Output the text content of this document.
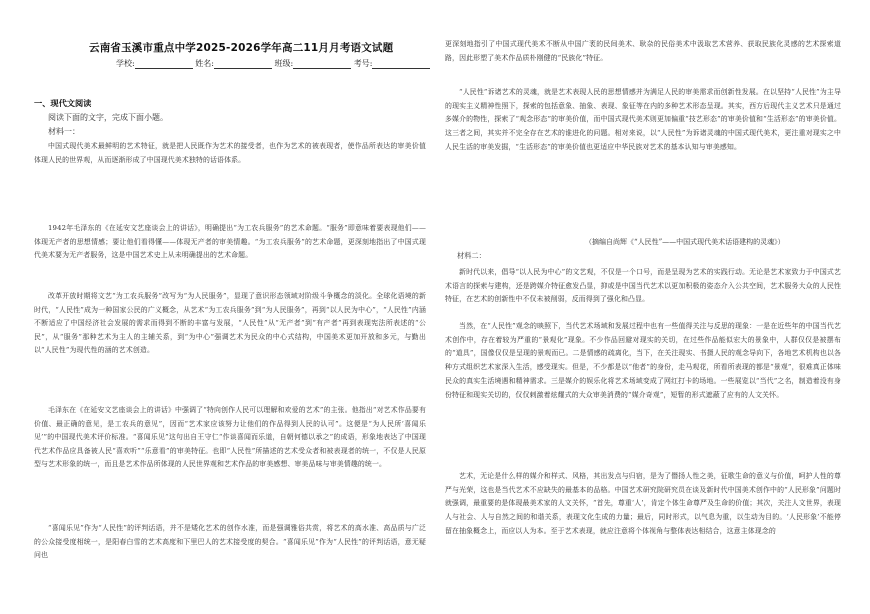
云南省玉溪市重点中学2025-2026学年高二11月月考语文试题
学校:	姓名:	班级:	考号:
一、现代文阅读
阅读下面的文字，完成下面小题。
材料一：
中国式现代美术最鲜明的艺术特征，就是把人民既作为艺术的接受者，也作为艺术的被表现者，使作品所表达的审美价值体现人民的世界观，从而逐渐形成了中国现代美术独特的话语体系。
1942年毛泽东的《在延安文艺座谈会上的讲话》，明确提出“为工农兵服务”的艺术命题。“服务”即意味着要表现他们——体现无产者的思想情感；要让他们看得懂——体现无产者的审美情趣。“为工农兵服务”的艺术命题，更深刻地指出了中国式现代美术要为无产者服务，这是中国艺术史上从未明确提出的艺术命题。
改革开放时期将文艺“为工农兵服务”改写为“为人民服务”，显现了意识形态领域对阶级斗争概念的淡化。全球化语境的新时代，“人民性”成为一种国家公民的广义概念，从艺术“为工农兵服务”到“为人民服务”，再到“以人民为中心”，“人民性”内涵不断适应了中国经济社会发展的需求而得到不断的丰富与发展，“人民性”从“无产者”到“有产者”再到表现宪法所表述的“公民”，从“服务”那种艺术为主人的主辅关系，到“为中心”强调艺术为民众的中心式结构，中国美术更加开放和多元，与勤出以“人民性”为现代性的涵的艺术创造。
毛泽东在《在延安文艺座谈会上的讲话》中强调了“特向创作人民可以理解和欢爱的艺术”的主张。他指出“对艺术作品要有价值、最正确的意见，是工农兵的意见”，因而“艺术家应该努力让他们的作品得到人民的认可”。这便是“为人民所‘喜闻乐见’”的中国现代美术评价标准。“喜闻乐见”这句出自王守仁“作谈喜闻而乐道，自朝何德以承之”的成语，形象地表达了中国现代艺术作品应具备被人民“喜欢听”“乐意看”的审美特征。也即“人民性”所描述的艺术受众者和被表现者的统一，不仅是人民原型与艺术形象的统一，而且是艺术作品所体现的人民世界观和艺术作品的审美感想、审美品味与审美情趣的统一。
“喜闻乐见”作为“人民性”的评判话语，并不是矮化艺术的创作水准，而是强调雅俗共赏，将艺术的高水准、高品质与广泛的公众接受度相统一，是阳春白雪的艺术高度和下里巴人的艺术接受度的契合。“喜闻乐见”作为“人民性”的评判话语，意无疑问也
更深刻地指引了中国式现代美术不断从中国广袤的民间美术、耿杂的民俗美术中汲取艺术营养、获取民族化灵感的艺术探索道路，因此形塑了美术作品质朴刚健的“民族化”特征。
“人民性”诉诸艺术的灵魂，就是艺术表现人民的思想情感并为满足人民的审美需求而创新性发展。在以坚持“人民性”为主导的现实主义精神性照下，探索的包括意象、抽象、表现、象征等在内的多种艺术形态呈现。其实，西方后现代主义艺术只是通过多媒介的物性，探索了“观念形态”的审美价值，而中国式现代美术则更加偏重“技艺形态”的审美价值和“生活形态”的审美价值。这三者之间，其实并不完全存在艺术的谁进化的问题。相对来说，以“人民性”为诉诸灵魂的中国式现代美术，更注重对现实之中人民生活的审美发掘，“生活形态”的审美价值也更适应中华民族对艺术的基本认知与审美感知。
（摘编自尚辉《“人民性”——中国式现代美术话语建构的灵魂》）
材料二：
新时代以来，倡导“以人民为中心”的文艺观，不仅是一个口号，而是呈现为艺术的实践行动。无论是艺术家致力于中国式艺术语言的探索与建构，还是跨媒介特征愈发凸显，抑或是中国当代艺术以更加积极的姿态介入公共空间，艺术服务大众的人民性特征，在艺术的创新性中不仅未被削弱，反而得到了强化和凸显。
当然，在“人民性”观念的映照下，当代艺术场域和发展过程中也有一些值得关注与反思的现象：一是在近些年的中国当代艺术创作中，存在着较为严重的“景观化”现象。不少作品回避对现实的关切，在过些作品能似宏大的景象中，人群仅仅是被摆布的“道具”，国像仅仅是呈现的景观而已。二是情感的疏离化，当下，在关注现实、书摄人民的观念导向下，各地艺术机构也以各种方式组织艺术家深入生活，感受现实。但是，不少都是以“他者”的身份，走马观花，所看所表现的都是“景观”，很难真正体味民众的真实生活境遇和精神需求。三是媒介的娱乐化将艺术场域变成了网红打卡的场地。一些展览以“当代”之名，制造着没有身份特征和现实关切的，仅仅刺激着炫耀式的大众审美消费的“媒介奇观”，短暂的形式遮蔽了应有的人文关怀。
艺术，无论是什么样的媒介和样式、风格，其出发点与归宿，是为了僭扬人性之美，征歌生命的意义与价值，呵护人性的尊严与光荣，这也是当代艺术不应缺失的最基本的品格。中国艺术研究院研究员在谈及新时代中国美术创作中的“人民形象”问题时就强调，最重要的是体现最美术家的人文关怀，“首先，尊重‘人’，肯定个体生命尊严及生命的价值；其次，关注人文世界，表现人与社会、人与自然之间的和谐关系，表现文化生成的力量；最后，同时形式，以气息为重，以生动为目的。‘人民形象’不能停留在抽象概念上，而应以人为本。至于艺术表现，就应注意将个体视角与整体表达相结合，这意主体现念的
